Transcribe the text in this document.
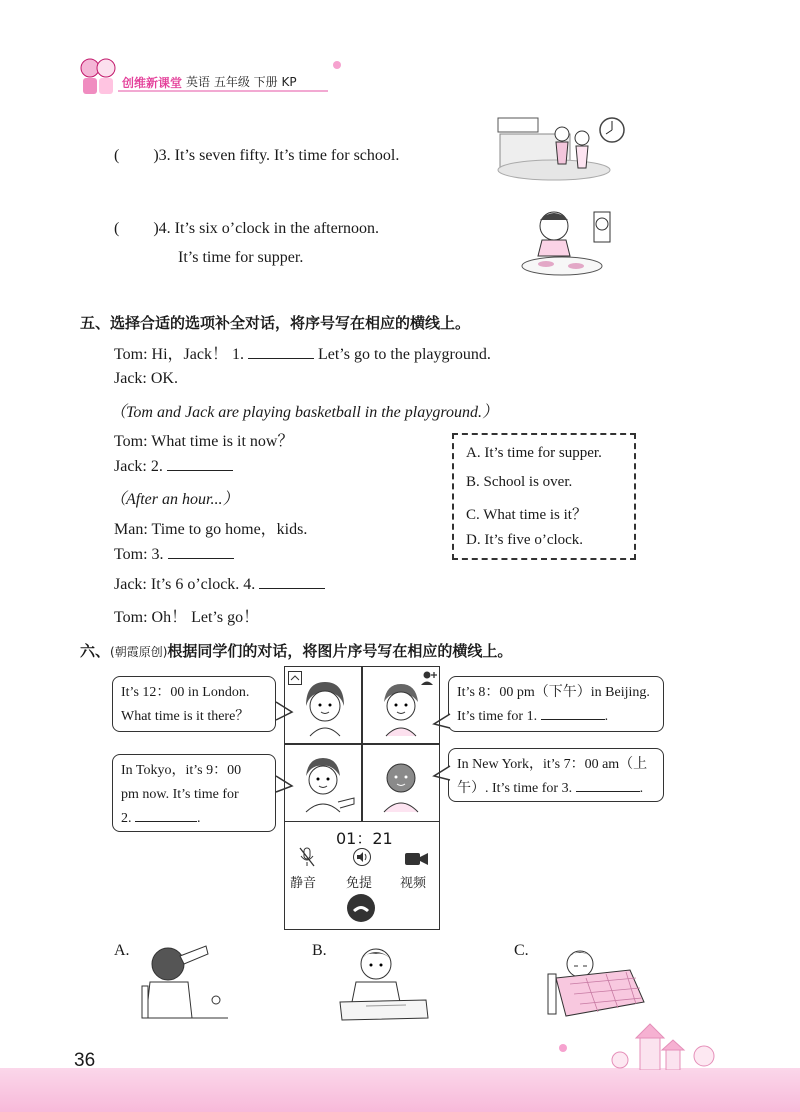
创维新课堂 英语 五年级 下册 KP
( )3. It’s seven fifty. It’s time for school.
( )4. It’s six o’clock in the afternoon.
It’s time for supper.
五、选择合适的选项补全对话，将序号写在相应的横线上。
Tom: Hi，Jack！ 1.	Let’s go to the playground.
Jack: OK.
（Tom and Jack are playing basketball in the playground.）
Tom: What time is it now？
Jack: 2.
（After an hour...）
Man: Time to go home，kids.
Tom: 3.
Jack: It’s 6 o’clock. 4.
Tom: Oh！ Let’s go！
A. It’s time for supper.
B. School is over.
C. What time is it？
D. It’s five o’clock.
六、(朝霞原创)根据同学们的对话，将图片序号写在相应的横线上。
It’s 12：00 in London.
What time is it there？
It’s 8：00 pm（下午）in Beijing.
It’s time for 1.	.
In Tokyo，it’s 9：00
pm now. It’s time for
2.	.
In New York，it’s 7：00 am（上
午）. It’s time for 3.	.
01：21
静音 免提 视频
A.	B.	C.
36
